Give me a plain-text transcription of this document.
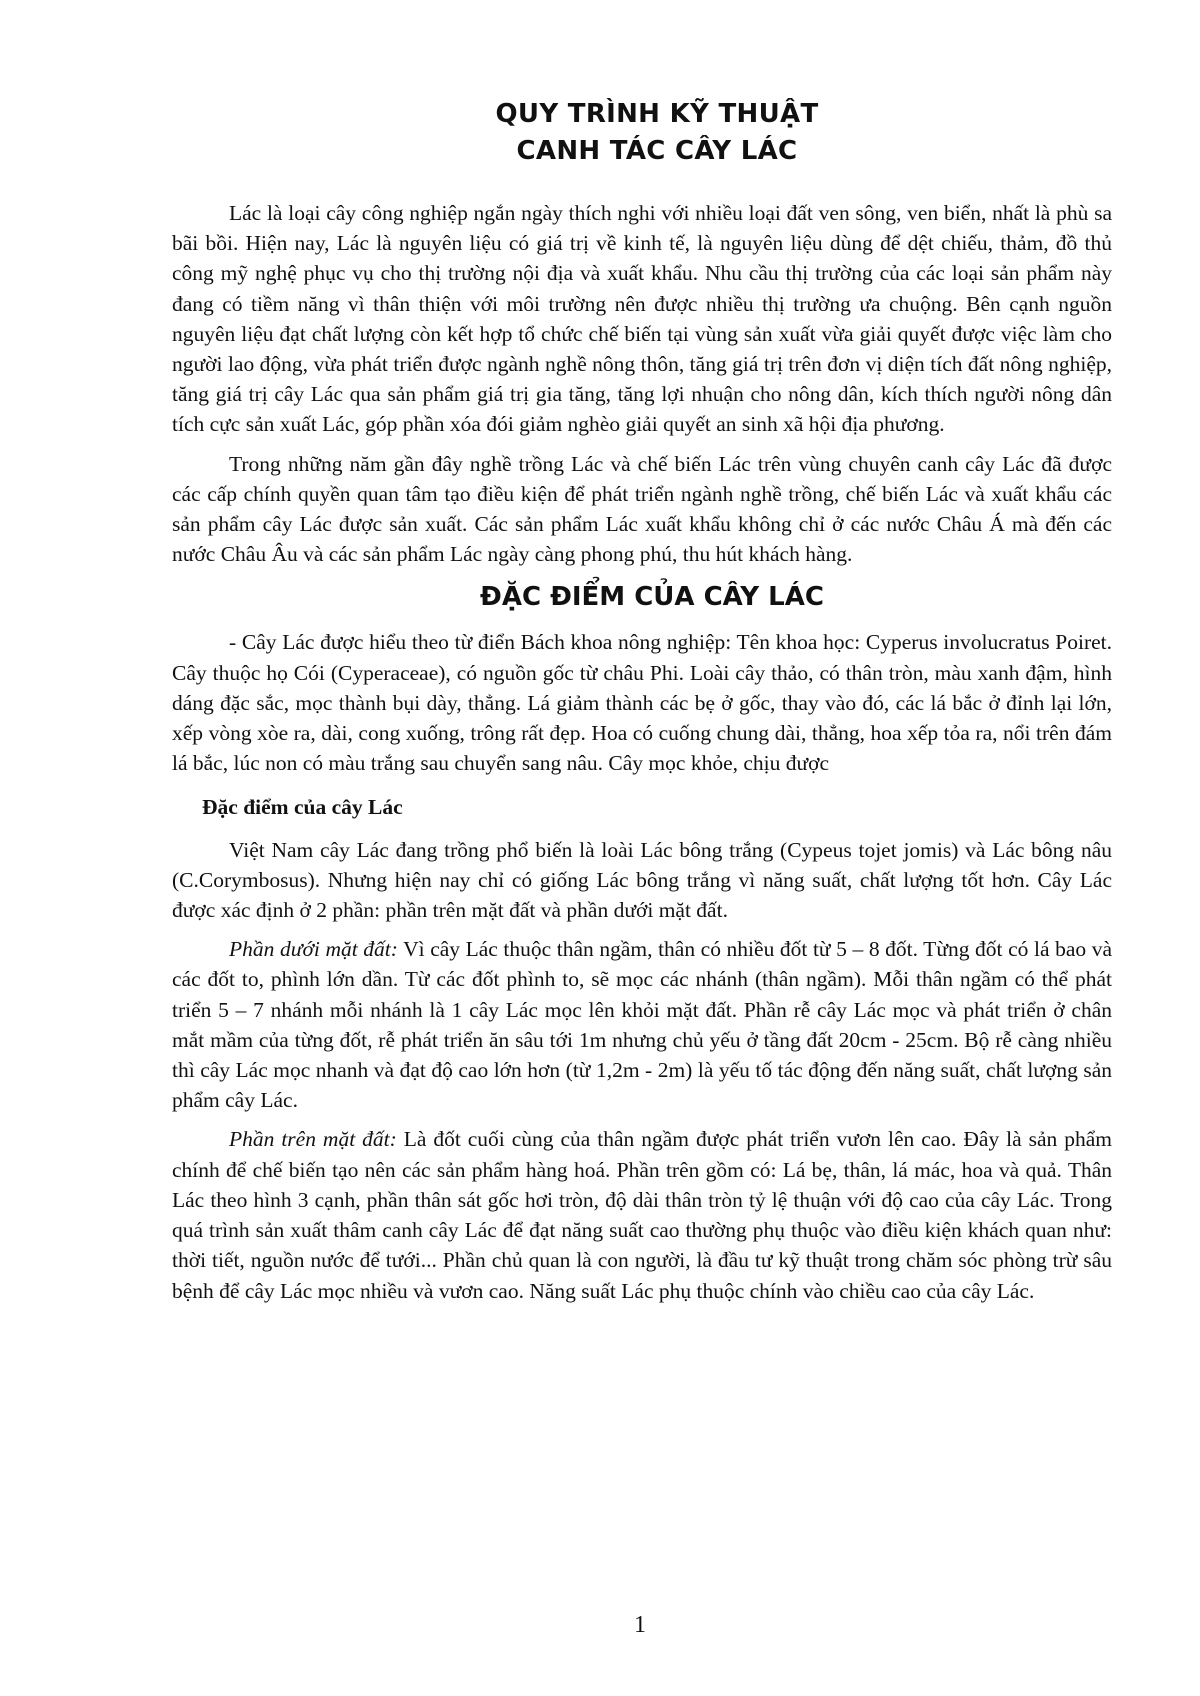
QUY TRÌNH KỸ THUẬT
CANH TÁC CÂY LÁC

Lác là loại cây công nghiệp ngắn ngày thích nghi với nhiều loại đất ven sông, ven biển, nhất là phù sa bãi bồi. Hiện nay, Lác là nguyên liệu có giá trị về kinh tế, là nguyên liệu dùng để dệt chiếu, thảm, đồ thủ công mỹ nghệ phục vụ cho thị trường nội địa và xuất khẩu. Nhu cầu thị trường của các loại sản phẩm này đang có tiềm năng vì thân thiện với môi trường nên được nhiều thị trường ưa chuộng. Bên cạnh nguồn nguyên liệu đạt chất lượng còn kết hợp tổ chức chế biến tại vùng sản xuất vừa giải quyết được việc làm cho người lao động, vừa phát triển được ngành nghề nông thôn, tăng giá trị trên đơn vị diện tích đất nông nghiệp, tăng giá trị cây Lác qua sản phẩm giá trị gia tăng, tăng lợi nhuận cho nông dân, kích thích người nông dân tích cực sản xuất Lác, góp phần xóa đói giảm nghèo giải quyết an sinh xã hội địa phương.

Trong những năm gần đây nghề trồng Lác và chế biến Lác trên vùng chuyên canh cây Lác đã được các cấp chính quyền quan tâm tạo điều kiện để phát triển ngành nghề trồng, chế biến Lác và xuất khẩu các sản phẩm cây Lác được sản xuất. Các sản phẩm Lác xuất khẩu không chỉ ở các nước Châu Á mà đến các nước Châu Âu và các sản phẩm Lác ngày càng phong phú, thu hút khách hàng.

ĐẶC ĐIỂM CỦA CÂY LÁC

- Cây Lác được hiểu theo từ điển Bách khoa nông nghiệp: Tên khoa học: Cyperus involucratus Poiret. Cây thuộc họ Cói (Cyperaceae), có nguồn gốc từ châu Phi. Loài cây thảo, có thân tròn, màu xanh đậm, hình dáng đặc sắc, mọc thành bụi dày, thẳng. Lá giảm thành các bẹ ở gốc, thay vào đó, các lá bắc ở đỉnh lại lớn, xếp vòng xòe ra, dài, cong xuống, trông rất đẹp. Hoa có cuống chung dài, thẳng, hoa xếp tỏa ra, nổi trên đám lá bắc, lúc non có màu trắng sau chuyển sang nâu. Cây mọc khỏe, chịu được

Đặc điểm của cây Lác

Việt Nam cây Lác đang trồng phổ biến là loài Lác bông trắng (Cypeus tojet jomis) và Lác bông nâu (C.Corymbosus). Nhưng hiện nay chỉ có giống Lác bông trắng vì năng suất, chất lượng tốt hơn. Cây Lác được xác định ở 2 phần: phần trên mặt đất và phần dưới mặt đất.

Phần dưới mặt đất: Vì cây Lác thuộc thân ngầm, thân có nhiều đốt từ 5 – 8 đốt. Từng đốt có lá bao và các đốt to, phình lớn dần. Từ các đốt phình to, sẽ mọc các nhánh (thân ngầm). Mỗi thân ngầm có thể phát triển 5 – 7 nhánh mỗi nhánh là 1 cây Lác mọc lên khỏi mặt đất. Phần rễ cây Lác mọc và phát triển ở chân mắt mầm của từng đốt, rễ phát triển ăn sâu tới 1m nhưng chủ yếu ở tầng đất 20cm - 25cm. Bộ rễ càng nhiều thì cây Lác mọc nhanh và đạt độ cao lớn hơn (từ 1,2m - 2m) là yếu tố tác động đến năng suất, chất lượng sản phẩm cây Lác.

Phần trên mặt đất: Là đốt cuối cùng của thân ngầm được phát triển vươn lên cao. Đây là sản phẩm chính để chế biến tạo nên các sản phẩm hàng hoá. Phần trên gồm có: Lá bẹ, thân, lá mác, hoa và quả. Thân Lác theo hình 3 cạnh, phần thân sát gốc hơi tròn, độ dài thân tròn tỷ lệ thuận với độ cao của cây Lác. Trong quá trình sản xuất thâm canh cây Lác để đạt năng suất cao thường phụ thuộc vào điều kiện khách quan như: thời tiết, nguồn nước để tưới... Phần chủ quan là con người, là đầu tư kỹ thuật trong chăm sóc phòng trừ sâu bệnh để cây Lác mọc nhiều và vươn cao. Năng suất Lác phụ thuộc chính vào chiều cao của cây Lác.

1
